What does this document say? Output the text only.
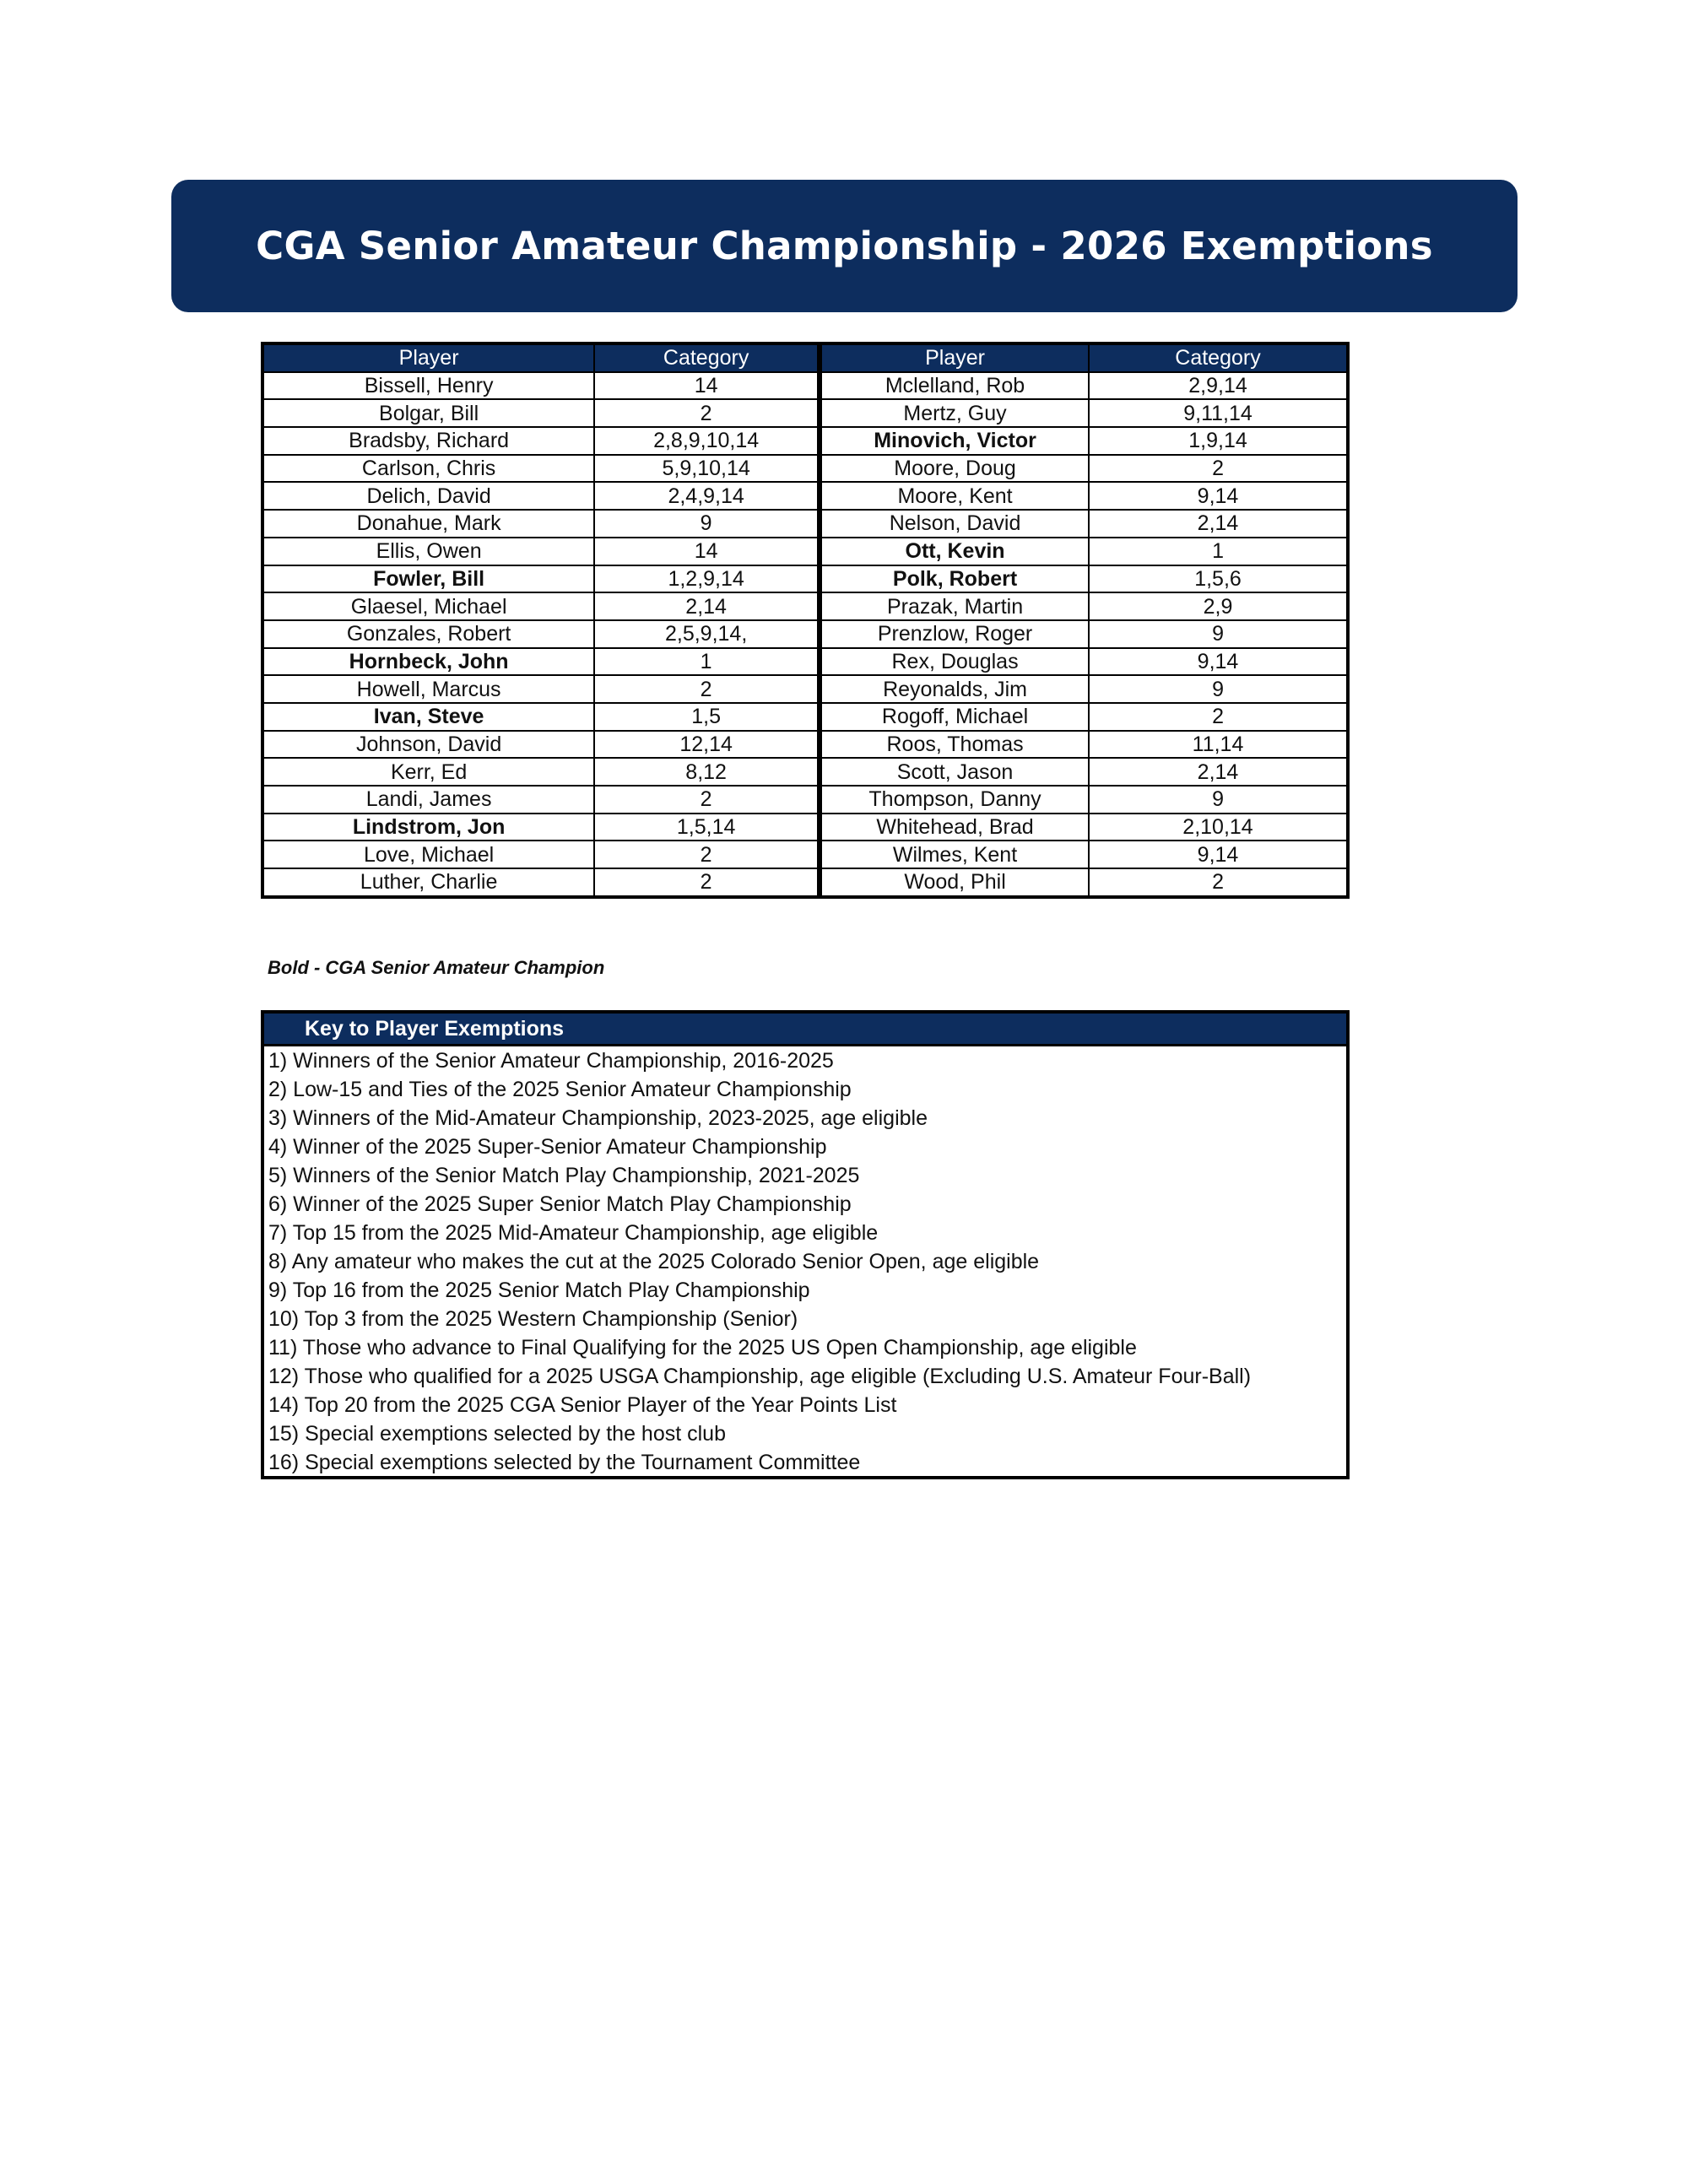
CGA Senior Amateur Championship - 2026 Exemptions
Player	Category	Player	Category
Bissell, Henry	14	Mclelland, Rob	2,9,14
Bolgar, Bill	2	Mertz, Guy	9,11,14
Bradsby, Richard	2,8,9,10,14	Minovich, Victor	1,9,14
Carlson, Chris	5,9,10,14	Moore, Doug	2
Delich, David	2,4,9,14	Moore, Kent	9,14
Donahue, Mark	9	Nelson, David	2,14
Ellis, Owen	14	Ott, Kevin	1
Fowler, Bill	1,2,9,14	Polk, Robert	1,5,6
Glaesel, Michael	2,14	Prazak, Martin	2,9
Gonzales, Robert	2,5,9,14,	Prenzlow, Roger	9
Hornbeck, John	1	Rex, Douglas	9,14
Howell, Marcus	2	Reyonalds, Jim	9
Ivan, Steve	1,5	Rogoff, Michael	2
Johnson, David	12,14	Roos, Thomas	11,14
Kerr, Ed	8,12	Scott, Jason	2,14
Landi, James	2	Thompson, Danny	9
Lindstrom, Jon	1,5,14	Whitehead, Brad	2,10,14
Love, Michael	2	Wilmes, Kent	9,14
Luther, Charlie	2	Wood, Phil	2
Bold - CGA Senior Amateur Champion
Key to Player Exemptions
1) Winners of the Senior Amateur Championship, 2016-2025
2) Low-15 and Ties of the 2025 Senior Amateur Championship
3) Winners of the Mid-Amateur Championship, 2023-2025, age eligible
4) Winner of the 2025 Super-Senior Amateur Championship
5) Winners of the Senior Match Play Championship, 2021-2025
6) Winner of the 2025 Super Senior Match Play Championship
7) Top 15 from the 2025 Mid-Amateur Championship, age eligible
8) Any amateur who makes the cut at the 2025 Colorado Senior Open, age eligible
9) Top 16 from the 2025 Senior Match Play Championship
10) Top 3 from the 2025 Western Championship (Senior)
11) Those who advance to Final Qualifying for the 2025 US Open Championship, age eligible
12) Those who qualified for a 2025 USGA Championship, age eligible (Excluding U.S. Amateur Four-Ball)
14) Top 20 from the 2025 CGA Senior Player of the Year Points List
15) Special exemptions selected by the host club
16) Special exemptions selected by the Tournament Committee
